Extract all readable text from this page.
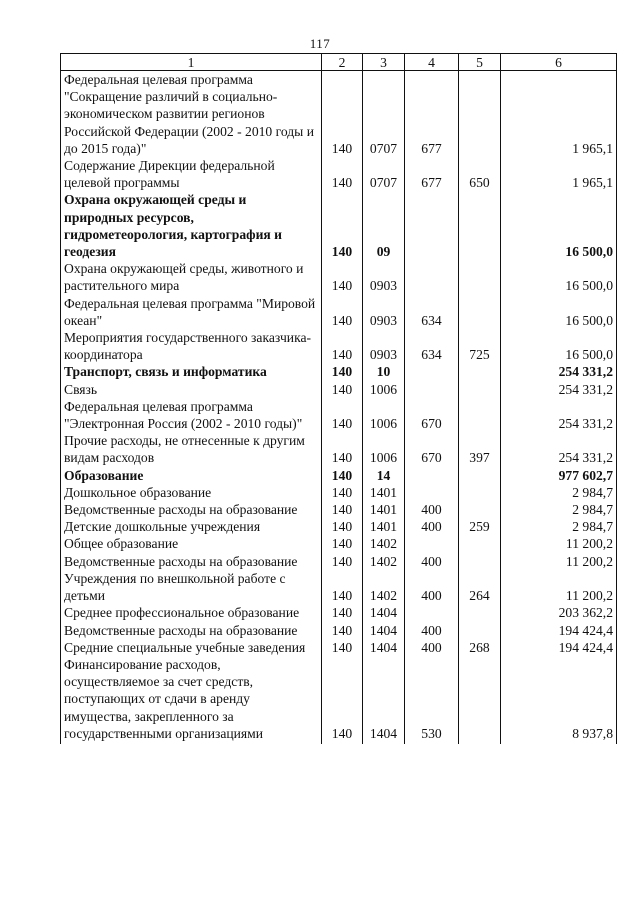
117
1	2	3	4	5	6
Федеральная целевая программа "Сокращение различий в социально-экономическом развитии регионов Российской Федерации (2002 - 2010 годы и до 2015 года)"	140	0707	677		1 965,1
Содержание Дирекции федеральной целевой программы	140	0707	677	650	1 965,1
Охрана окружающей среды и природных ресурсов, гидрометеорология, картография и геодезия	140	09			16 500,0
Охрана окружающей среды, животного и растительного мира	140	0903			16 500,0
Федеральная целевая программа "Мировой океан"	140	0903	634		16 500,0
Мероприятия государственного заказчика-координатора	140	0903	634	725	16 500,0
Транспорт, связь и информатика	140	10			254 331,2
Связь	140	1006			254 331,2
Федеральная целевая программа "Электронная Россия (2002 - 2010 годы)"	140	1006	670		254 331,2
Прочие расходы, не отнесенные к другим видам расходов	140	1006	670	397	254 331,2
Образование	140	14			977 602,7
Дошкольное образование	140	1401			2 984,7
Ведомственные расходы на образование	140	1401	400		2 984,7
Детские дошкольные учреждения	140	1401	400	259	2 984,7
Общее образование	140	1402			11 200,2
Ведомственные расходы на образование	140	1402	400		11 200,2
Учреждения по внешкольной работе с детьми	140	1402	400	264	11 200,2
Среднее профессиональное образование	140	1404			203 362,2
Ведомственные расходы на образование	140	1404	400		194 424,4
Средние специальные учебные заведения	140	1404	400	268	194 424,4
Финансирование расходов, осуществляемое за счет средств, поступающих от сдачи в аренду имущества, закрепленного за государственными организациями	140	1404	530		8 937,8
